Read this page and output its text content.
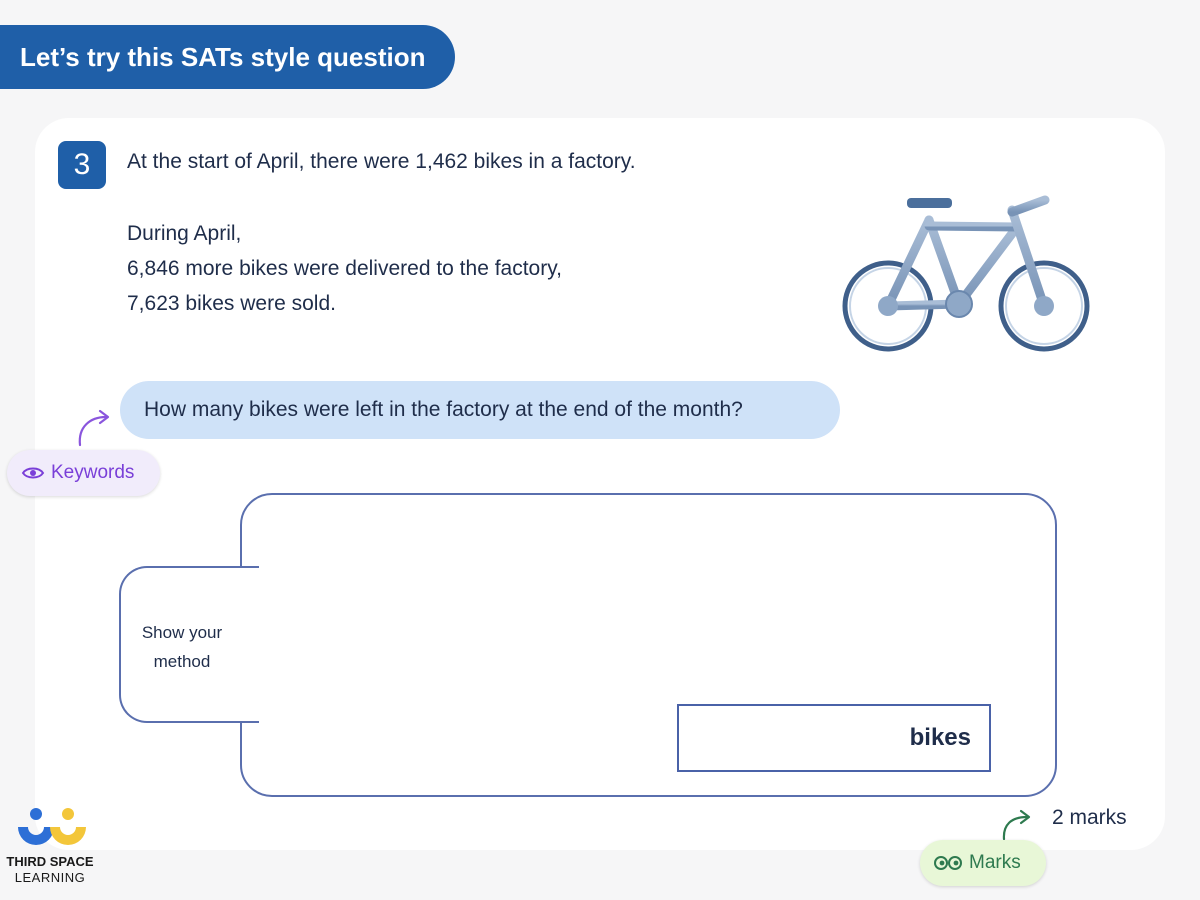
Let’s try this SATs style question
3	At the start of April, there were 1,462 bikes in a factory.
During April,
6,846 more bikes were delivered to the factory,
7,623 bikes were sold.
How many bikes were left in the factory at the end of the month?
Keywords
Show your
method
bikes
2 marks
Marks
THIRD SPACE
LEARNING
